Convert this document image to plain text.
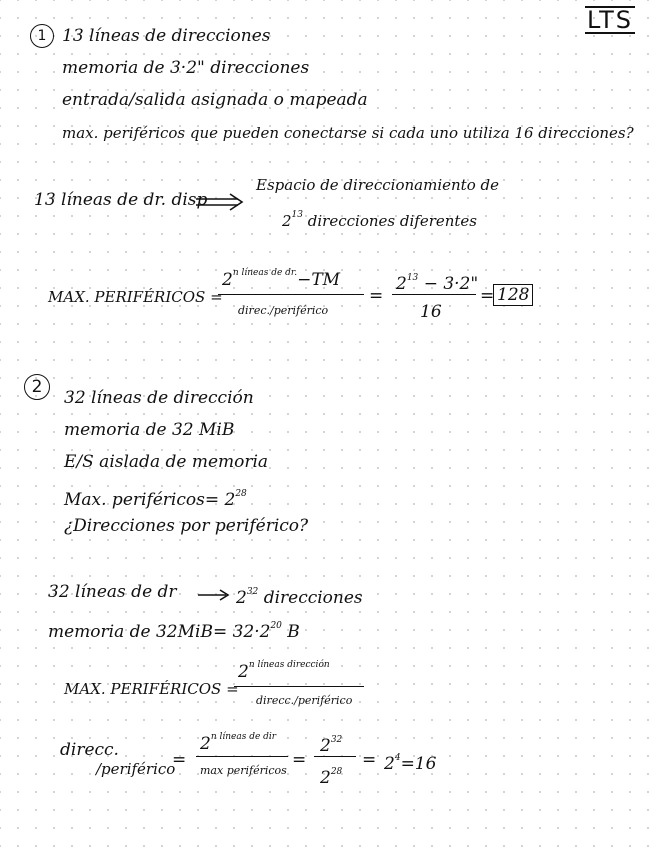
LTS
1 13 líneas de direcciones
memoria de 3·2" direcciones
entrada/salida asignada o mapeada
max. periféricos que pueden conectarse si cada uno utiliza 16 direcciones?
13 líneas de dr. disp
Espacio de direccionamiento de
$2^{13}$ direcciones diferentes
MAX. PERIFÉRICOS =
$2^{n líneas de dr.}-TM$
direc./periférico
=
$2^{13} - 3\cdot 2$"
16
= 128
2
32 líneas de dirección
memoria de 32 MiB
E/S aislada de memoria
Max. periféricos= $2^{28}$
¿Direcciones por periférico?
32 líneas de dr	$2^{32}$ direcciones
memoria de $32MiB= 32\cdot 2^{20}$ B
MAX. PERIFÉRICOS =
$2^{n líneas dirección}$
direcc./periférico
direcc.
/periférico
=
$2^{n líneas de dir}$
max periféricos
=
$2^{32}$
$2^{28}$
= $2^4=16$
